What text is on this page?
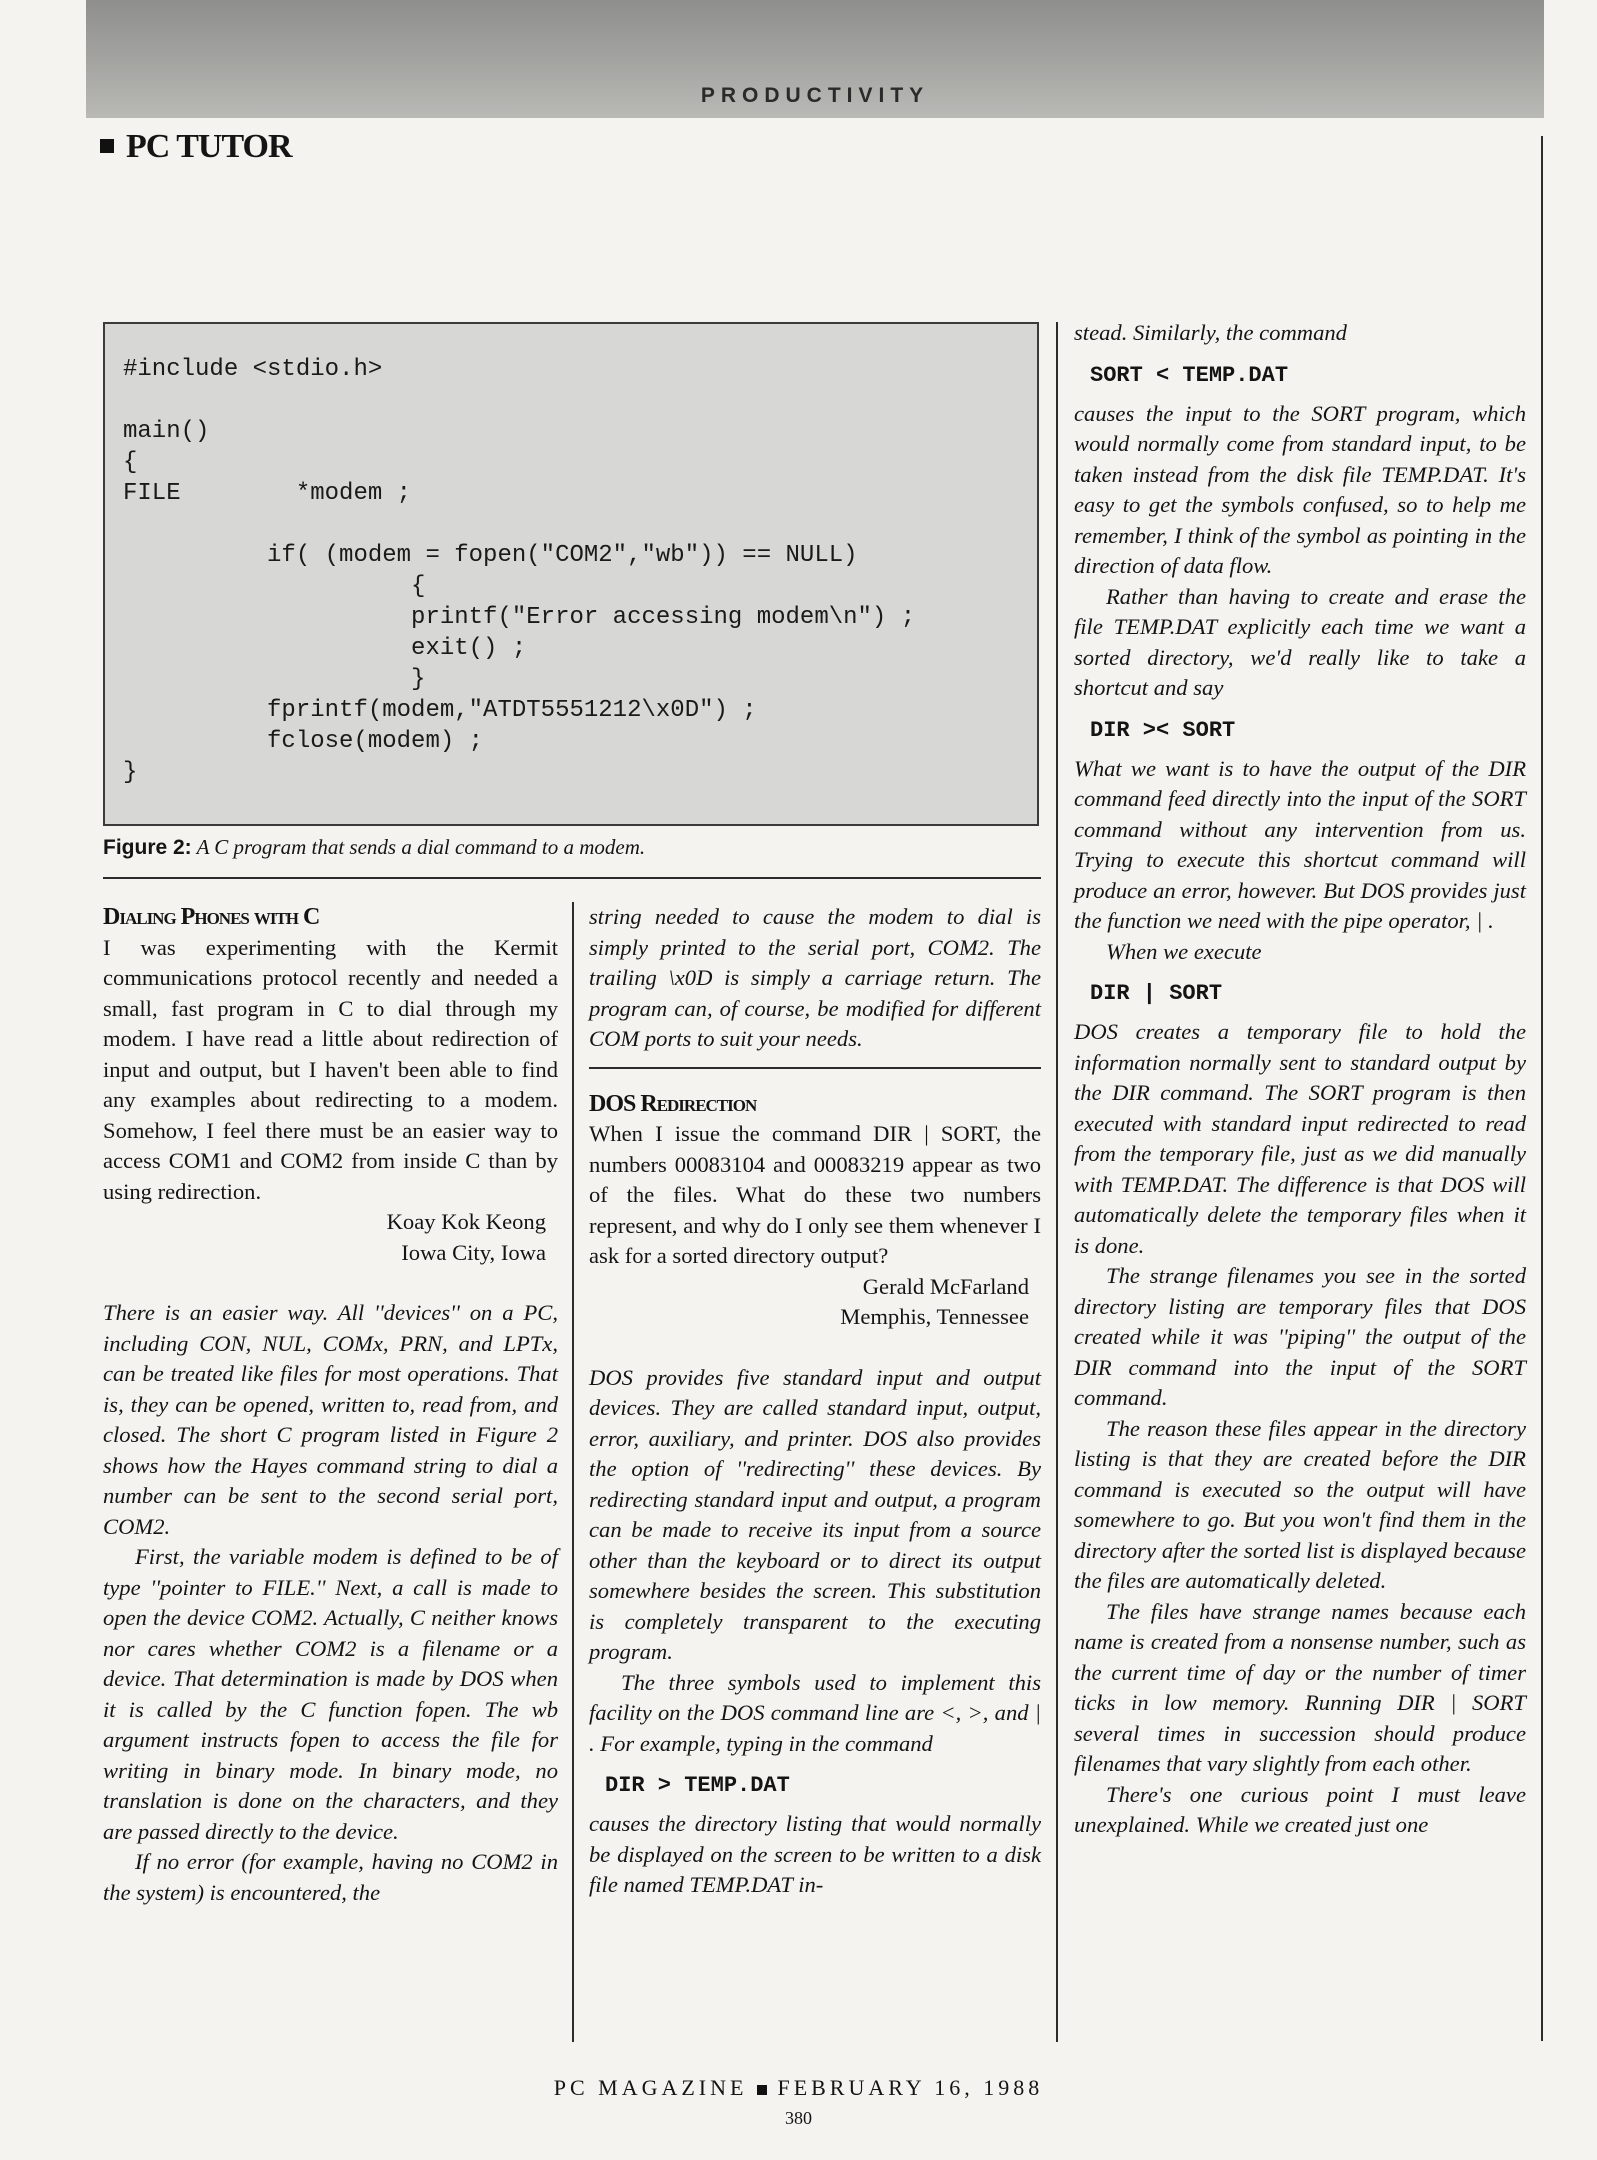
PRODUCTIVITY
PC TUTOR
#include <stdio.h>

main()
{
FILE        *modem ;

if( (modem = fopen("COM2","wb")) == NULL)
{
printf("Error accessing modem\n") ;
exit() ;
}
fprintf(modem,"ATDT5551212\x0D") ;
fclose(modem) ;
}
Figure 2: A C program that sends a dial command to a modem.
Dialing Phones with C

I was experimenting with the Kermit communications protocol recently and needed a small, fast program in C to dial through my modem. I have read a little about redirection of input and output, but I haven't been able to find any examples about redirecting to a modem. Somehow, I feel there must be an easier way to access COM1 and COM2 from inside C than by using redirection.

Koay Kok Keong

Iowa City, Iowa

There is an easier way. All ''devices'' on a PC, including CON, NUL, COMx, PRN, and LPTx, can be treated like files for most operations. That is, they can be opened, written to, read from, and closed. The short C program listed in Figure 2 shows how the Hayes command string to dial a number can be sent to the second serial port, COM2.

First, the variable modem is defined to be of type ''pointer to FILE.'' Next, a call is made to open the device COM2. Actually, C neither knows nor cares whether COM2 is a filename or a device. That determination is made by DOS when it is called by the C function fopen. The wb argument instructs fopen to access the file for writing in binary mode. In binary mode, no translation is done on the characters, and they are passed directly to the device.

If no error (for example, having no COM2 in the system) is encountered, the

string needed to cause the modem to dial is simply printed to the serial port, COM2. The trailing \x0D is simply a carriage return. The program can, of course, be modified for different COM ports to suit your needs.

DOS Redirection

When I issue the command DIR | SORT, the numbers 00083104 and 00083219 appear as two of the files. What do these two numbers represent, and why do I only see them whenever I ask for a sorted directory output?

Gerald McFarland

Memphis, Tennessee

DOS provides five standard input and output devices. They are called standard input, output, error, auxiliary, and printer. DOS also provides the option of ''redirecting'' these devices. By redirecting standard input and output, a program can be made to receive its input from a source other than the keyboard or to direct its output somewhere besides the screen. This substitution is completely transparent to the executing program.

The three symbols used to implement this facility on the DOS command line are <, >, and | . For example, typing in the command

DIR > TEMP.DAT

causes the directory listing that would normally be displayed on the screen to be written to a disk file named TEMP.DAT in-

stead. Similarly, the command

SORT < TEMP.DAT

causes the input to the SORT program, which would normally come from standard input, to be taken instead from the disk file TEMP.DAT. It's easy to get the symbols confused, so to help me remember, I think of the symbol as pointing in the direction of data flow.

Rather than having to create and erase the file TEMP.DAT explicitly each time we want a sorted directory, we'd really like to take a shortcut and say

DIR >< SORT

What we want is to have the output of the DIR command feed directly into the input of the SORT command without any intervention from us. Trying to execute this shortcut command will produce an error, however. But DOS provides just the function we need with the pipe operator, | .

When we execute

DIR | SORT

DOS creates a temporary file to hold the information normally sent to standard output by the DIR command. The SORT program is then executed with standard input redirected to read from the temporary file, just as we did manually with TEMP.DAT. The difference is that DOS will automatically delete the temporary files when it is done.

The strange filenames you see in the sorted directory listing are temporary files that DOS created while it was ''piping'' the output of the DIR command into the input of the SORT command.

The reason these files appear in the directory listing is that they are created before the DIR command is executed so the output will have somewhere to go. But you won't find them in the directory after the sorted list is displayed because the files are automatically deleted.

The files have strange names because each name is created from a nonsense number, such as the current time of day or the number of timer ticks in low memory. Running DIR | SORT several times in succession should produce filenames that vary slightly from each other.

There's one curious point I must leave unexplained. While we created just one

PC MAGAZINE FEBRUARY 16, 1988
380
